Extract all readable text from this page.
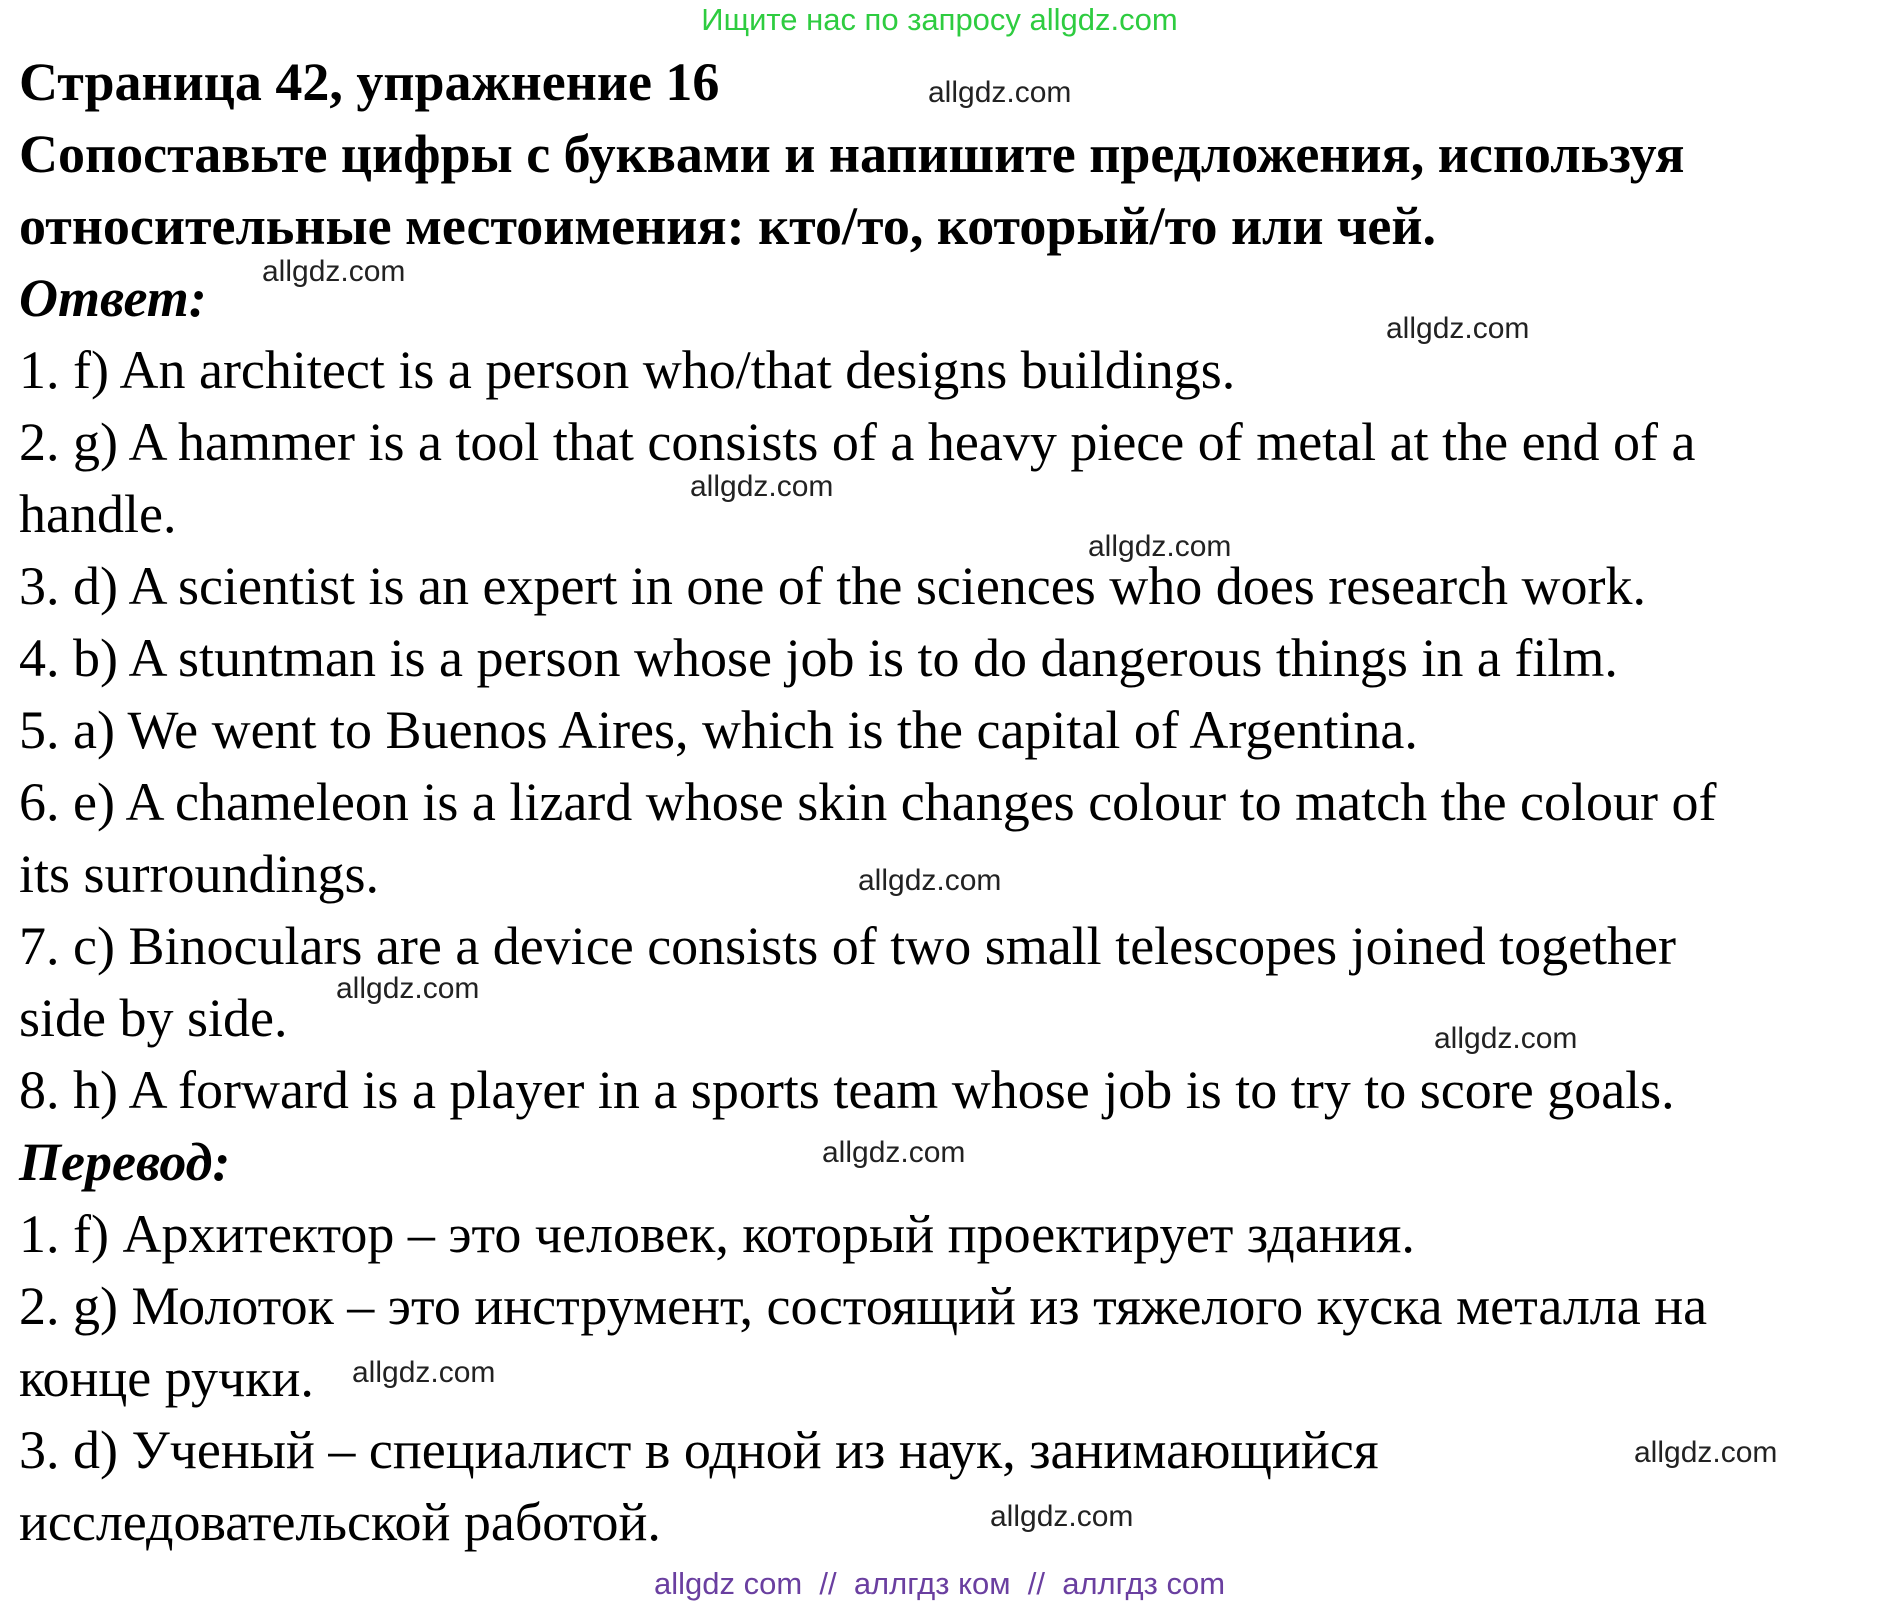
Ищите нас по запросу allgdz.com

Страница 42, упражнение 16

Сопоставьте цифры с буквами и напишите предложения, используя

относительные местоимения: кто/то, который/то или чей.

Ответ:

1. f) An architect is a person who/that designs buildings.

2. g) A hammer is a tool that consists of a heavy piece of metal at the end of a

handle.

3. d) A scientist is an expert in one of the sciences who does research work.

4. b) A stuntman is a person whose job is to do dangerous things in a film.

5. a) We went to Buenos Aires, which is the capital of Argentina.

6. e) A chameleon is a lizard whose skin changes colour to match the colour of

its surroundings.

7. c) Binoculars are a device consists of two small telescopes joined together

side by side.

8. h) A forward is a player in a sports team whose job is to try to score goals.

Перевод:

1. f) Архитектор – это человек, который проектирует здания.

2. g) Молоток – это инструмент, состоящий из тяжелого куска металла на

конце ручки.

3. d) Ученый – специалист в одной из наук, занимающийся

исследовательской работой.

allgdz.com
allgdz.com
allgdz.com
allgdz.com
allgdz.com
allgdz.com
allgdz.com
allgdz.com
allgdz.com
allgdz.com
allgdz.com
allgdz.com
allgdz com  //  аллгдз ком  //  аллгдз com
